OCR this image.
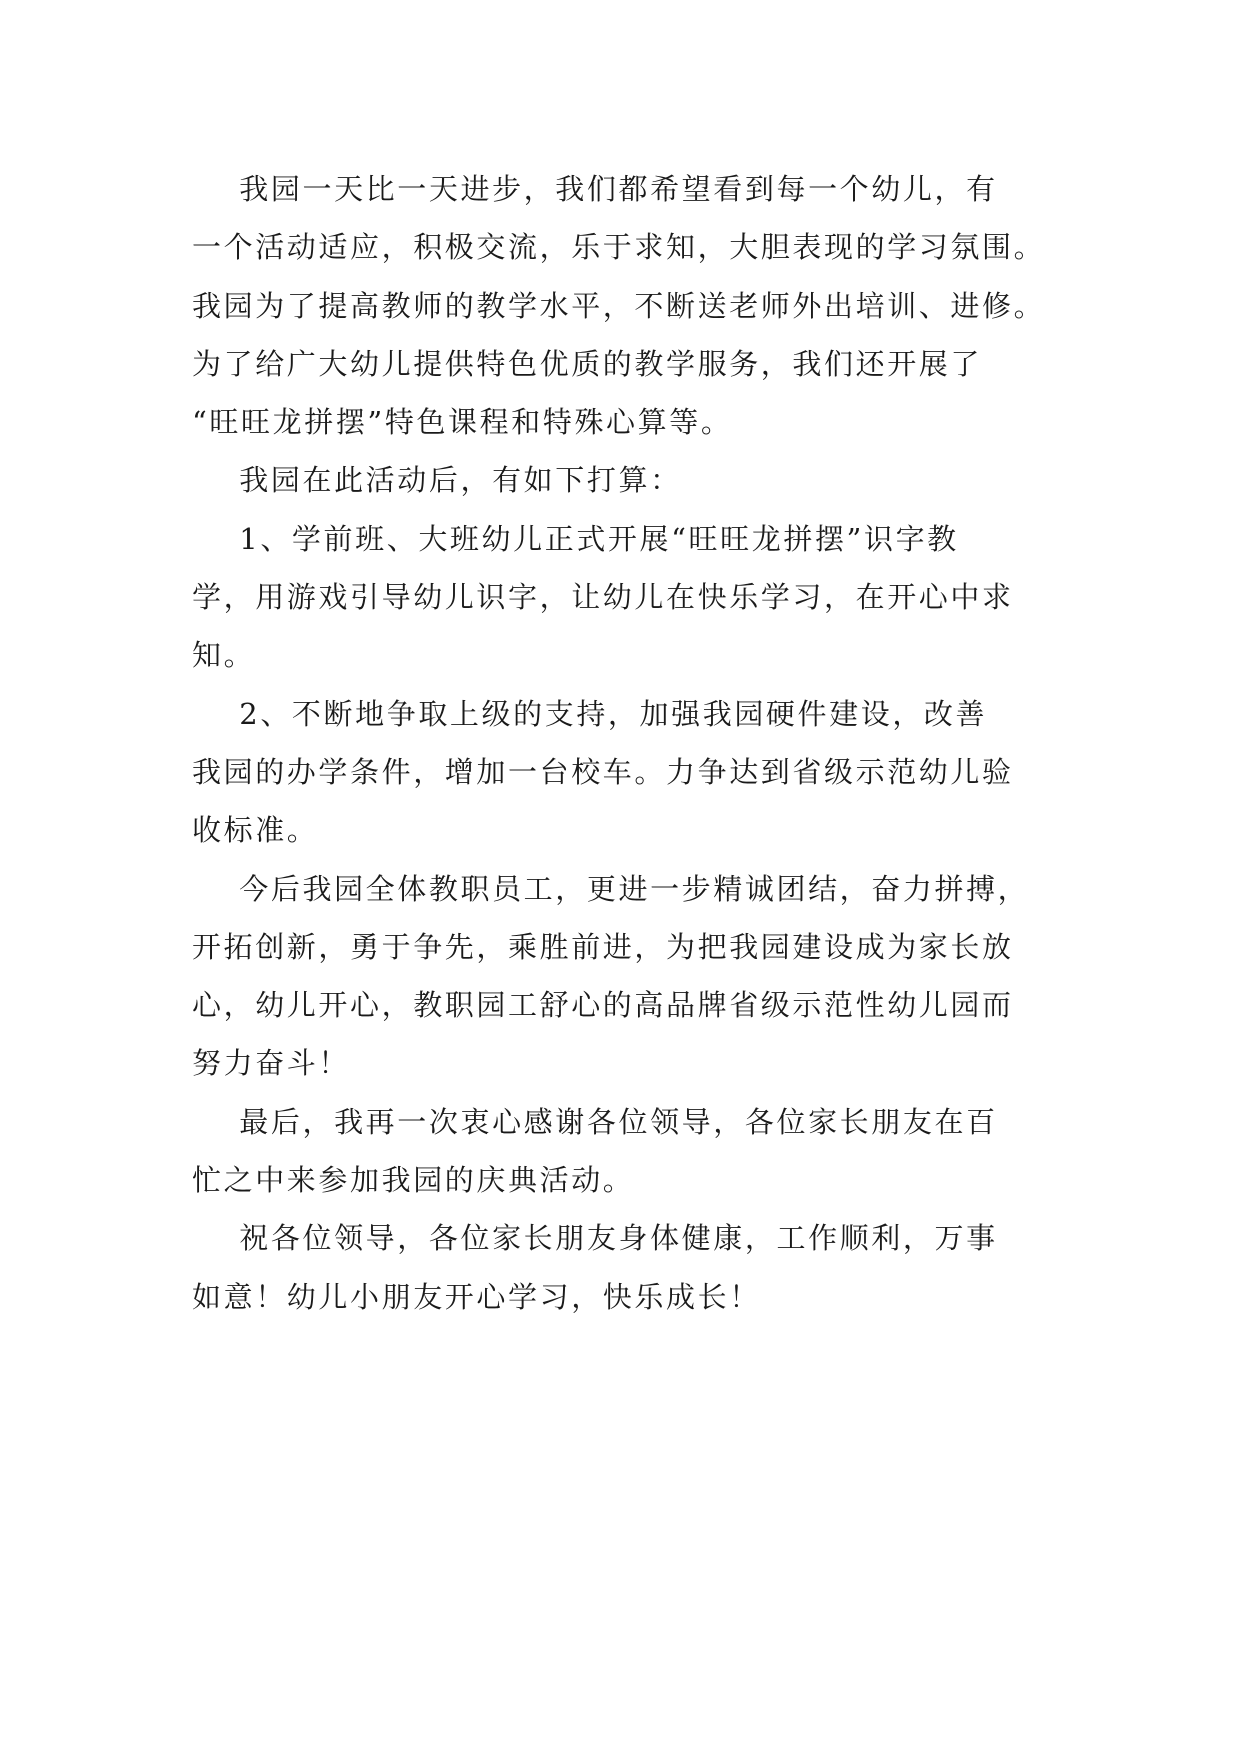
我园一天比一天进步，我们都希望看到每一个幼儿，有
一个活动适应，积极交流，乐于求知，大胆表现的学习氛围。
我园为了提高教师的教学水平，不断送老师外出培训、进修。
为了给广大幼儿提供特色优质的教学服务，我们还开展了
“旺旺龙拼摆”特色课程和特殊心算等。

我园在此活动后，有如下打算：

1、学前班、大班幼儿正式开展“旺旺龙拼摆”识字教
学，用游戏引导幼儿识字，让幼儿在快乐学习，在开心中求
知。

2、不断地争取上级的支持，加强我园硬件建设，改善
我园的办学条件，增加一台校车。力争达到省级示范幼儿验
收标准。

今后我园全体教职员工，更进一步精诚团结，奋力拼搏，
开拓创新，勇于争先，乘胜前进，为把我园建设成为家长放
心，幼儿开心，教职园工舒心的高品牌省级示范性幼儿园而
努力奋斗！

最后，我再一次衷心感谢各位领导，各位家长朋友在百
忙之中来参加我园的庆典活动。

祝各位领导，各位家长朋友身体健康，工作顺利，万事
如意！幼儿小朋友开心学习，快乐成长！
